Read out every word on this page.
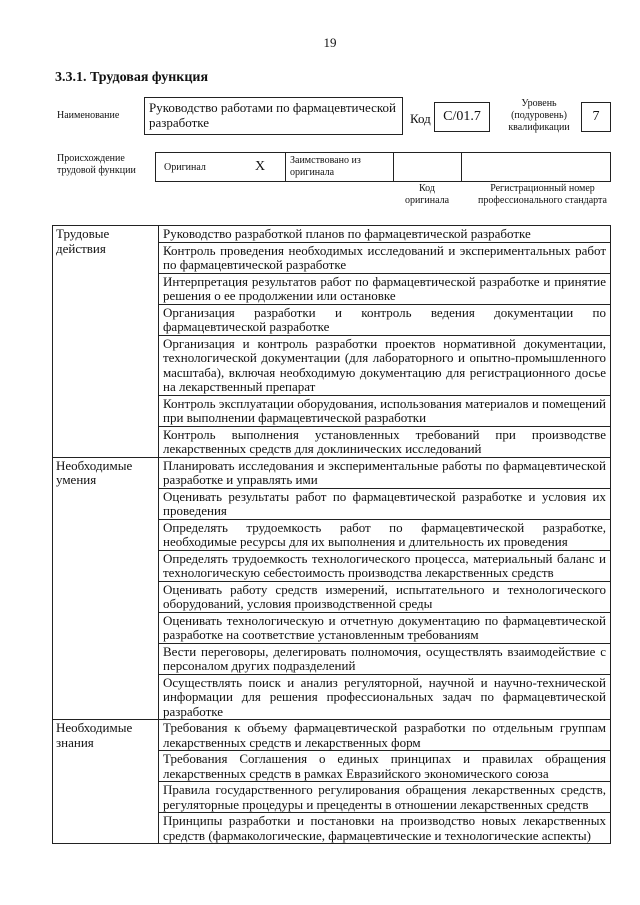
19
3.3.1. Трудовая функция
Наименование
Руководство работами по фармацевтической разработке	Код C/01.7
Уровень (подуровень) квалификации
7
Происхождение трудовой функции	Оригинал	X	Заимствовано из оригинала
Код оригинала
Регистрационный номер профессионального стандарта
Трудовые действия	Руководство разработкой планов по фармацевтической разработке
	Контроль проведения необходимых исследований и экспериментальных работ по фармацевтической разработке
	Интерпретация результатов работ по фармацевтической разработке и принятие решения о ее продолжении или остановке
	Организация разработки и контроль ведения документации по фармацевтической разработке
	Организация и контроль разработки проектов нормативной документации, технологической документации (для лабораторного и опытно-промышленного масштаба), включая необходимую документацию для регистрационного досье на лекарственный препарат
	Контроль эксплуатации оборудования, использования материалов и помещений при выполнении фармацевтической разработки
	Контроль выполнения установленных требований при производстве лекарственных средств для доклинических исследований
Необходимые умения	Планировать исследования и экспериментальные работы по фармацевтической разработке и управлять ими
	Оценивать результаты работ по фармацевтической разработке и условия их проведения
	Определять трудоемкость работ по фармацевтической разработке, необходимые ресурсы для их выполнения и длительность их проведения
	Определять трудоемкость технологического процесса, материальный баланс и технологическую себестоимость производства лекарственных средств
	Оценивать работу средств измерений, испытательного и технологического оборудований, условия производственной среды
	Оценивать технологическую и отчетную документацию по фармацевтической разработке на соответствие установленным требованиям
	Вести переговоры, делегировать полномочия, осуществлять взаимодействие с персоналом других подразделений
	Осуществлять поиск и анализ регуляторной, научной и научно-технической информации для решения профессиональных задач по фармацевтической разработке
Необходимые знания	Требования к объему фармацевтической разработки по отдельным группам лекарственных средств и лекарственных форм
	Требования Соглашения о единых принципах и правилах обращения лекарственных средств в рамках Евразийского экономического союза
	Правила государственного регулирования обращения лекарственных средств, регуляторные процедуры и прецеденты в отношении лекарственных средств
	Принципы разработки и постановки на производство новых лекарственных средств (фармакологические, фармацевтические и технологические аспекты)
